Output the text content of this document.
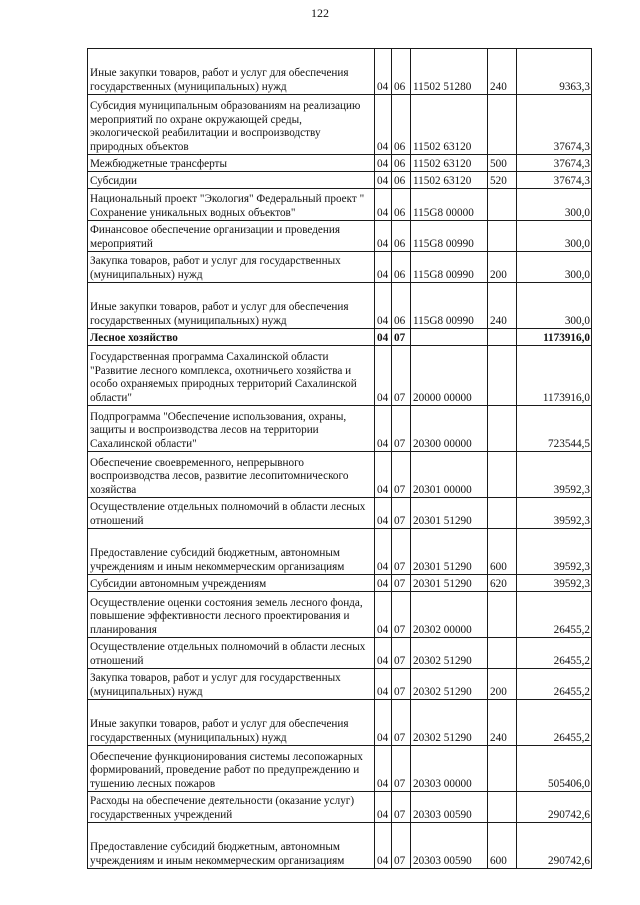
122
Иные закупки товаров, работ и услуг для обеспечения государственных (муниципальных) нужд	04	06	11502 51280	240	9363,3
Субсидия муниципальным образованиям на реализацию мероприятий по охране окружающей среды, экологической реабилитации и воспроизводству природных объектов	04	06	11502 63120		37674,3
Межбюджетные трансферты	04	06	11502 63120	500	37674,3
Субсидии	04	06	11502 63120	520	37674,3
Национальный проект "Экология" Федеральный проект " Сохранение уникальных водных объектов"	04	06	115G8 00000		300,0
Финансовое обеспечение организации и проведения мероприятий	04	06	115G8 00990		300,0
Закупка товаров, работ и услуг для государственных (муниципальных) нужд	04	06	115G8 00990	200	300,0
Иные закупки товаров, работ и услуг для обеспечения государственных (муниципальных) нужд	04	06	115G8 00990	240	300,0
Лесное хозяйство	04	07			1173916,0
Государственная программа Сахалинской области "Развитие лесного комплекса, охотничьего хозяйства и особо охраняемых природных территорий Сахалинской области"	04	07	20000 00000		1173916,0
Подпрограмма "Обеспечение использования, охраны, защиты и воспроизводства лесов на территории Сахалинской области"	04	07	20300 00000		723544,5
Обеспечение своевременного, непрерывного воспроизводства лесов, развитие лесопитомнического хозяйства	04	07	20301 00000		39592,3
Осуществление отдельных полномочий в области лесных отношений	04	07	20301 51290		39592,3
Предоставление субсидий бюджетным, автономным учреждениям и иным некоммерческим организациям	04	07	20301 51290	600	39592,3
Субсидии автономным учреждениям	04	07	20301 51290	620	39592,3
Осуществление оценки состояния земель лесного фонда, повышение эффективности лесного проектирования и планирования	04	07	20302 00000		26455,2
Осуществление отдельных полномочий в области лесных отношений	04	07	20302 51290		26455,2
Закупка товаров, работ и услуг для государственных (муниципальных) нужд	04	07	20302 51290	200	26455,2
Иные закупки товаров, работ и услуг для обеспечения государственных (муниципальных) нужд	04	07	20302 51290	240	26455,2
Обеспечение функционирования системы лесопожарных формирований, проведение работ по предупреждению и тушению лесных пожаров	04	07	20303 00000		505406,0
Расходы на обеспечение деятельности (оказание услуг) государственных учреждений	04	07	20303 00590		290742,6
Предоставление субсидий бюджетным, автономным учреждениям и иным некоммерческим организациям	04	07	20303 00590	600	290742,6
